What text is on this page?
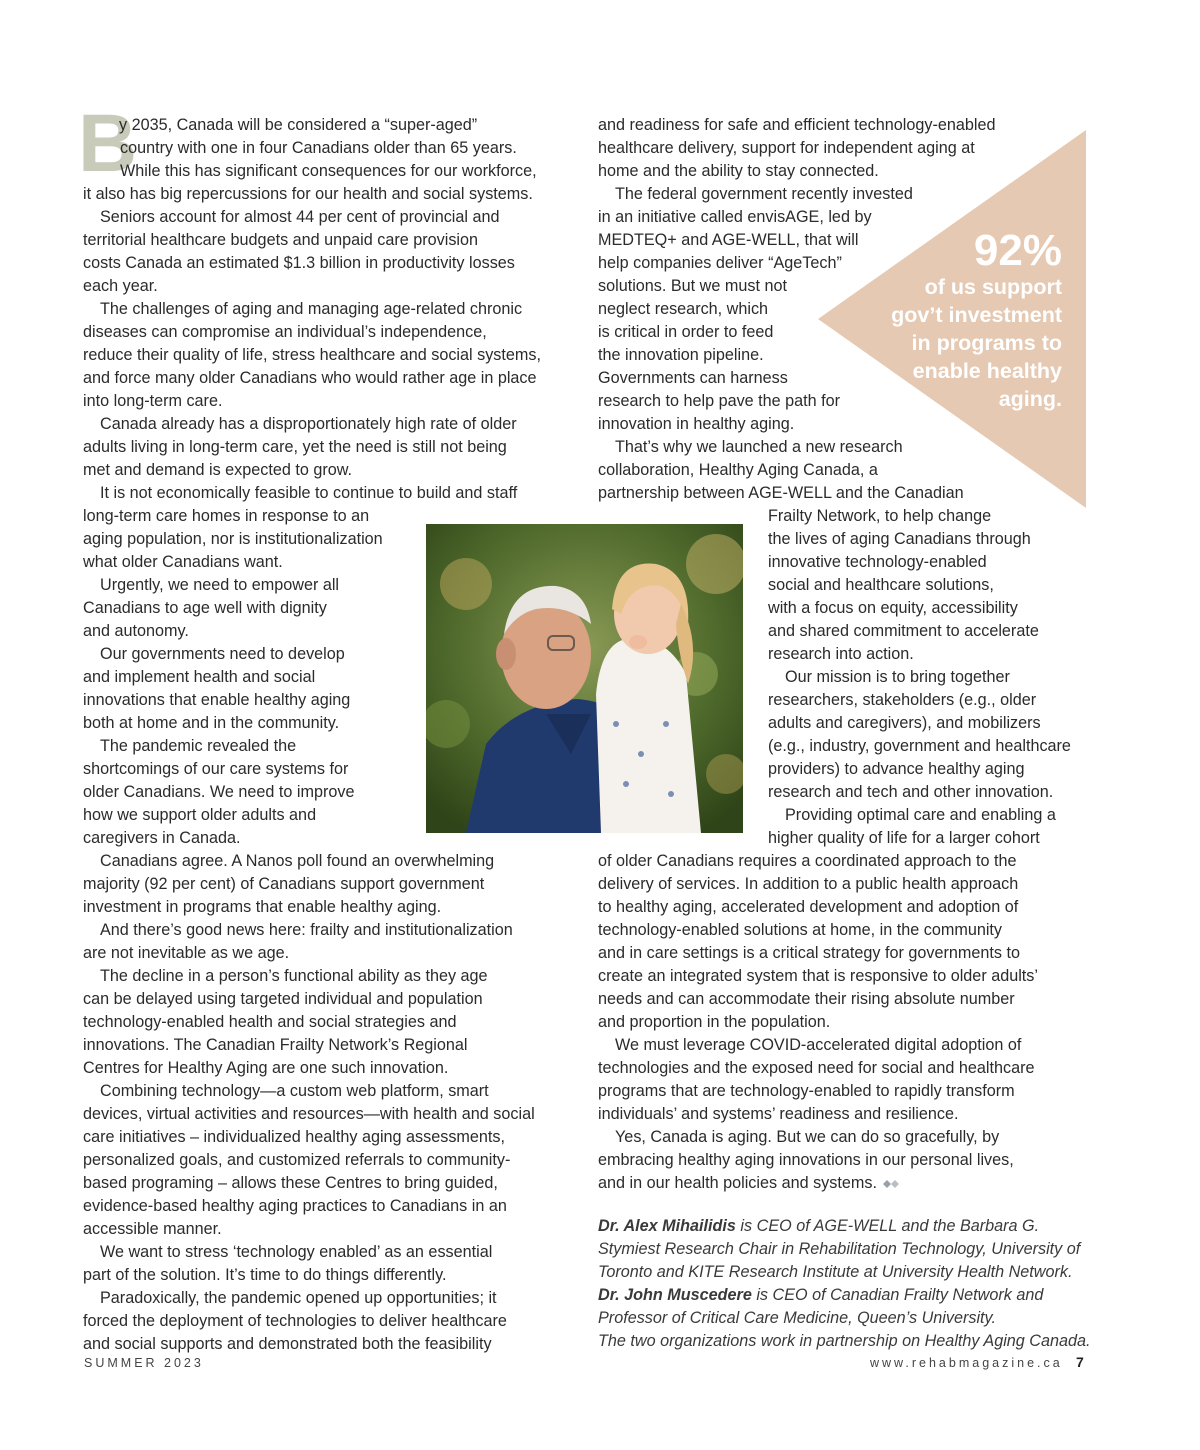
92%
of us support
gov’t investment
in programs to
enable healthy
aging.
B
y 2035, Canada will be considered a “super-aged”
country with one in four Canadians older than 65 years.
While this has significant consequences for our workforce,
it also has big repercussions for our health and social systems.
Seniors account for almost 44 per cent of provincial and
territorial healthcare budgets and unpaid care provision
costs Canada an estimated $1.3 billion in productivity losses
each year.
The challenges of aging and managing age-related chronic
diseases can compromise an individual’s independence,
reduce their quality of life, stress healthcare and social systems,
and force many older Canadians who would rather age in place
into long-term care.
Canada already has a disproportionately high rate of older
adults living in long-term care, yet the need is still not being
met and demand is expected to grow.
It is not economically feasible to continue to build and staff
long-term care homes in response to an
aging population, nor is institutionalization
what older Canadians want.
Urgently, we need to empower all
Canadians to age well with dignity
and autonomy.
Our governments need to develop
and implement health and social
innovations that enable healthy aging
both at home and in the community.
The pandemic revealed the
shortcomings of our care systems for
older Canadians. We need to improve
how we support older adults and
caregivers in Canada.
Canadians agree. A Nanos poll found an overwhelming
majority (92 per cent) of Canadians support government
investment in programs that enable healthy aging.
And there’s good news here: frailty and institutionalization
are not inevitable as we age.
The decline in a person’s functional ability as they age
can be delayed using targeted individual and population
technology-enabled health and social strategies and
innovations. The Canadian Frailty Network’s Regional
Centres for Healthy Aging are one such innovation.
Combining technology—a custom web platform, smart
devices, virtual activities and resources—with health and social
care initiatives – individualized healthy aging assessments,
personalized goals, and customized referrals to community-
based programing – allows these Centres to bring guided,
evidence-based healthy aging practices to Canadians in an
accessible manner.
We want to stress ‘technology enabled’ as an essential
part of the solution. It’s time to do things differently.
Paradoxically, the pandemic opened up opportunities; it
forced the deployment of technologies to deliver healthcare
and social supports and demonstrated both the feasibility
and readiness for safe and efficient technology-enabled
healthcare delivery, support for independent aging at
home and the ability to stay connected.
The federal government recently invested
in an initiative called envisAGE, led by
MEDTEQ+ and AGE-WELL, that will
help companies deliver “AgeTech”
solutions. But we must not
neglect research, which
is critical in order to feed
the innovation pipeline.
Governments can harness
research to help pave the path for
innovation in healthy aging.
That’s why we launched a new research
collaboration, Healthy Aging Canada, a
partnership between AGE-WELL and the Canadian
Frailty Network, to help change
the lives of aging Canadians through
innovative technology-enabled
social and healthcare solutions,
with a focus on equity, accessibility
and shared commitment to accelerate
research into action.
Our mission is to bring together
researchers, stakeholders (e.g., older
adults and caregivers), and mobilizers
(e.g., industry, government and healthcare
providers) to advance healthy aging
research and tech and other innovation.
Providing optimal care and enabling a
higher quality of life for a larger cohort
of older Canadians requires a coordinated approach to the
delivery of services. In addition to a public health approach
to healthy aging, accelerated development and adoption of
technology-enabled solutions at home, in the community
and in care settings is a critical strategy for governments to
create an integrated system that is responsive to older adults’
needs and can accommodate their rising absolute number
and proportion in the population.
We must leverage COVID-accelerated digital adoption of
technologies and the exposed need for social and healthcare
programs that are technology-enabled to rapidly transform
individuals’ and systems’ readiness and resilience.
Yes, Canada is aging. But we can do so gracefully, by
embracing healthy aging innovations in our personal lives,
and in our health policies and systems.
Dr. Alex Mihailidis is CEO of AGE-WELL and the Barbara G.
Stymiest Research Chair in Rehabilitation Technology, University of
Toronto and KITE Research Institute at University Health Network.
Dr. John Muscedere is CEO of Canadian Frailty Network and
Professor of Critical Care Medicine, Queen’s University.
The two organizations work in partnership on Healthy Aging Canada.
SUMMER 2023	www.rehabmagazine.ca 7
